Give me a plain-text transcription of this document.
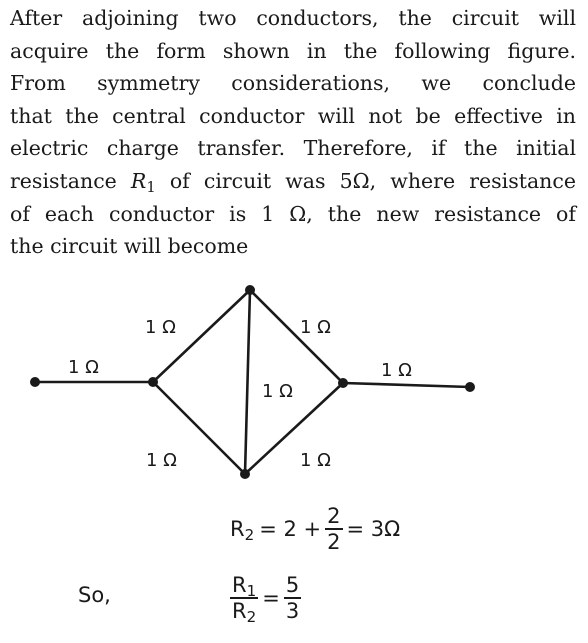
After adjoining two conductors, the circuit will
acquire the form shown in the following figure.
From symmetry considerations, we conclude
that the central conductor will not be effective in
electric charge transfer. Therefore, if the initial
resistance $R_1$ of circuit was 5Ω, where resistance
of each conductor is 1 Ω, the new resistance of
the circuit will become
1 Ω
1 Ω	1 Ω
1 Ω
1 Ω
1 Ω	1 Ω
$R_2 = 2 + \frac{2}{2} = 3\Omega$
So,	$\frac{R_1}{R_2} = \frac{5}{3}$
